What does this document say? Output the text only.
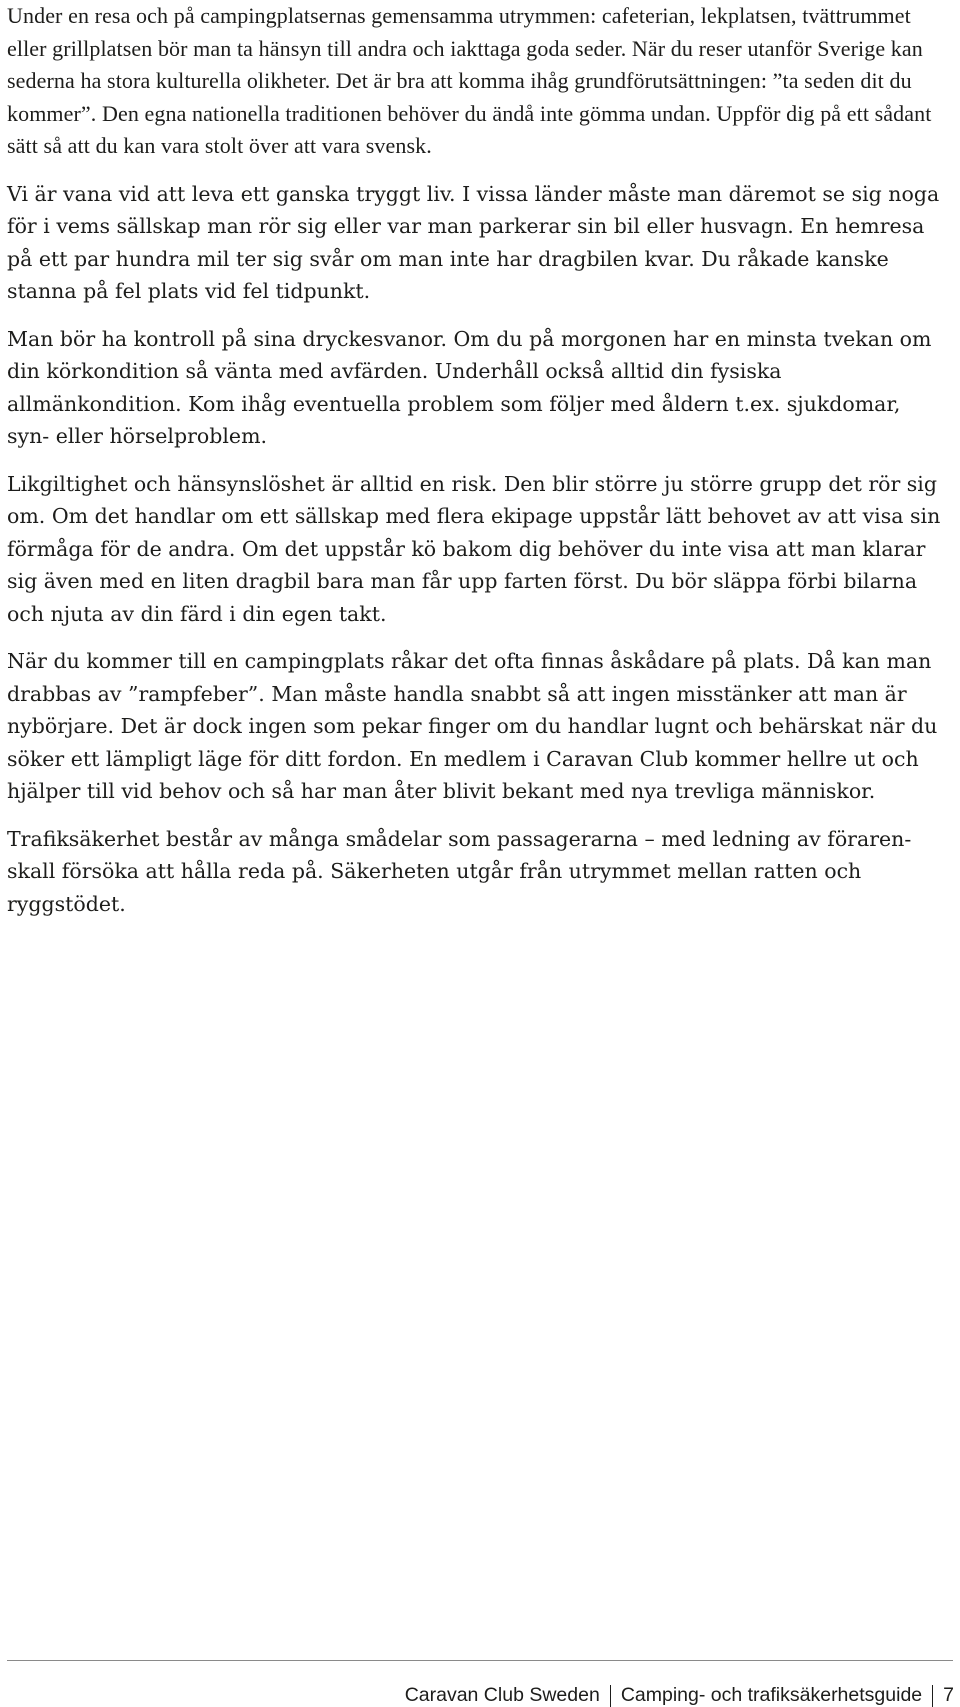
Under en resa och på campingplatsernas gemensamma utrymmen: cafeterian, lekplatsen, tvättrummet eller grillplatsen bör man ta hänsyn till andra och iakttaga goda seder. När du reser utanför Sverige kan sederna ha stora kulturella olikheter. Det är bra att komma ihåg grundförutsättningen: ”ta seden dit du kommer”. Den egna nationella traditionen behöver du ändå inte gömma undan. Uppför dig på ett sådant sätt så att du kan vara stolt över att vara svensk.

Vi är vana vid att leva ett ganska tryggt liv. I vissa länder måste man däremot se sig noga för i vems sällskap man rör sig eller var man parkerar sin bil eller husvagn. En hemresa på ett par hundra mil ter sig svår om man inte har dragbilen kvar. Du råkade kanske stanna på fel plats vid fel tidpunkt.

Man bör ha kontroll på sina dryckesvanor. Om du på morgonen har en minsta tvekan om din körkondition så vänta med avfärden. Underhåll också alltid din fysiska allmänkondition. Kom ihåg eventuella problem som följer med åldern t.ex. sjukdomar, syn- eller hörselproblem.

Likgiltighet och hänsynslöshet är alltid en risk. Den blir större ju större grupp det rör sig om. Om det handlar om ett sällskap med flera ekipage uppstår lätt behovet av att visa sin förmåga för de andra. Om det uppstår kö bakom dig behöver du inte visa att man klarar sig även med en liten dragbil bara man får upp farten först. Du bör släppa förbi bilarna och njuta av din färd i din egen takt.

När du kommer till en campingplats råkar det ofta finnas åskådare på plats. Då kan man drabbas av ”rampfeber”. Man måste handla snabbt så att ingen misstänker att man är nybörjare. Det är dock ingen som pekar finger om du handlar lugnt och behärskat när du söker ett lämpligt läge för ditt fordon. En medlem i Caravan Club kommer hellre ut och hjälper till vid behov och så har man åter blivit bekant med nya trevliga människor.

Trafiksäkerhet består av många smådelar som passagerarna – med ledning av föraren- skall försöka att hålla reda på. Säkerheten utgår från utrymmet mellan ratten och ryggstödet.

Caravan Club Sweden Camping- och trafiksäkerhetsguide 7
